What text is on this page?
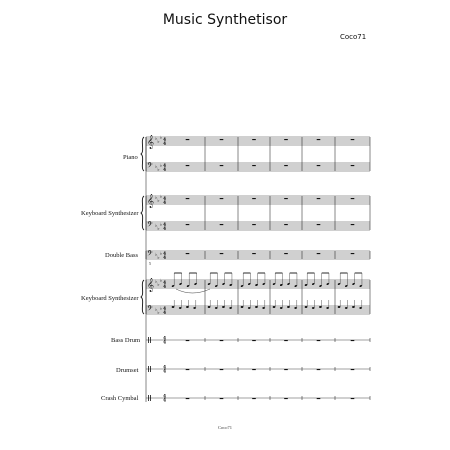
Music Synthetisor
Coco71
Piano
Keyboard Synthesizer
Double Bass
Keyboard Synthesizer
Bass Drum
Drumset
Crash Cymbal
5
𝄞 ♭
♭
♭ 4
4
𝄢 ♭
♭
♭ 4
4
𝄞 ♭
♭
♭ 4
4
𝄢 ♭
♭
♭ 4
4
𝄢 ♭
♭
♭ 4
4
𝄞 ♭
♭
♭ 4
4
𝄢 ♭
♭
♭ 4
4
4
4
4
4
4
4
Coco71
